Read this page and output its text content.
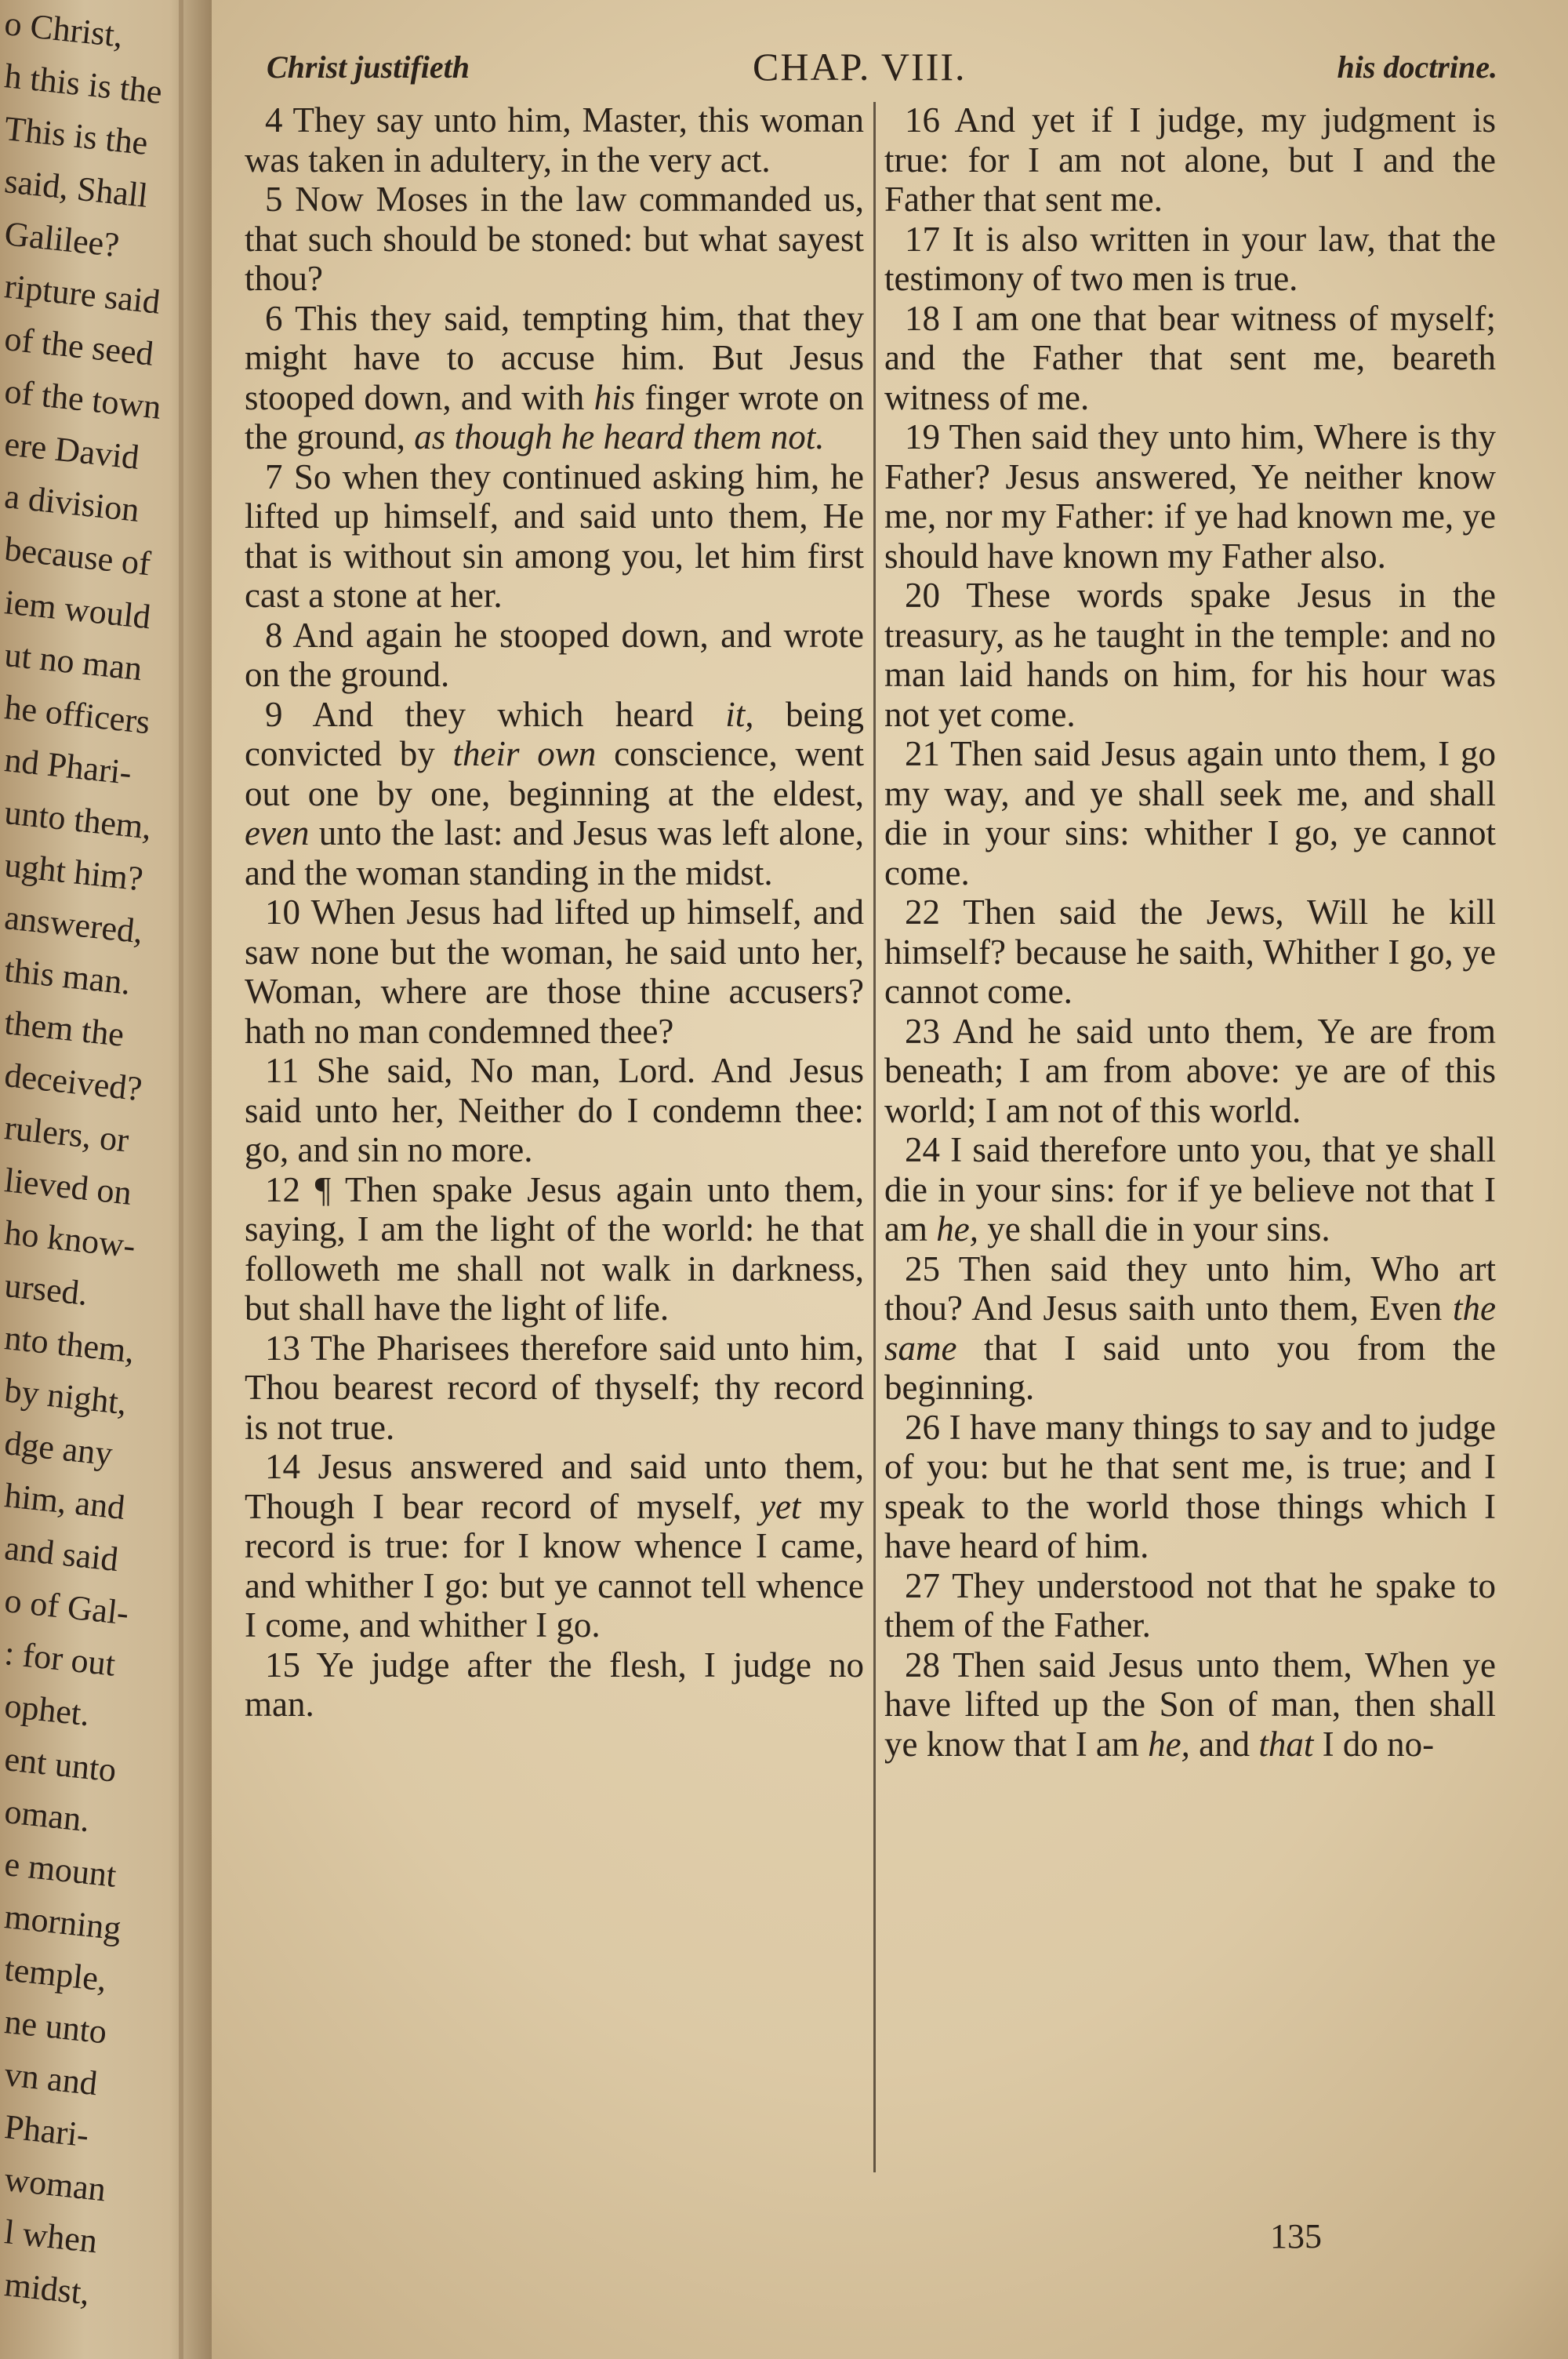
o Christ,
h this is the
This is the
said, Shall
Galilee?
ripture said
of the seed
of the town
ere David
a division
because of
iem would
ut no man
he officers
nd Phari-
unto them,
ught him?
answered,
this man.
them the
deceived?
rulers, or
lieved on
ho know-
ursed.
nto them,
by night,
dge any
him, and
and said
o of Gal-
: for out
ophet.
ent unto
oman.
e mount
morning
temple,
ne unto
vn and
Phari-
woman
l when
midst,
Christ justifieth	CHAP. VIII.	his doctrine.
4 They say unto him, Master, this woman was taken in adultery, in the very act.
5 Now Moses in the law commanded us, that such should be stoned: but what sayest thou?
6 This they said, tempting him, that they might have to accuse him. But Jesus stooped down, and with his finger wrote on the ground, as though he heard them not.
7 So when they continued asking him, he lifted up himself, and said unto them, He that is without sin among you, let him first cast a stone at her.
8 And again he stooped down, and wrote on the ground.
9 And they which heard it, being convicted by their own conscience, went out one by one, beginning at the eldest, even unto the last: and Jesus was left alone, and the woman standing in the midst.
10 When Jesus had lifted up himself, and saw none but the woman, he said unto her, Woman, where are those thine accusers? hath no man condemned thee?
11 She said, No man, Lord. And Jesus said unto her, Neither do I condemn thee: go, and sin no more.
12 ¶ Then spake Jesus again unto them, saying, I am the light of the world: he that followeth me shall not walk in darkness, but shall have the light of life.
13 The Pharisees therefore said unto him, Thou bearest record of thyself; thy record is not true.
14 Jesus answered and said unto them, Though I bear record of myself, yet my record is true: for I know whence I came, and whither I go: but ye cannot tell whence I come, and whither I go.
15 Ye judge after the flesh, I judge no man.
16 And yet if I judge, my judgment is true: for I am not alone, but I and the Father that sent me.
17 It is also written in your law, that the testimony of two men is true.
18 I am one that bear witness of myself; and the Father that sent me, beareth witness of me.
19 Then said they unto him, Where is thy Father? Jesus answered, Ye neither know me, nor my Father: if ye had known me, ye should have known my Father also.
20 These words spake Jesus in the treasury, as he taught in the temple: and no man laid hands on him, for his hour was not yet come.
21 Then said Jesus again unto them, I go my way, and ye shall seek me, and shall die in your sins: whither I go, ye cannot come.
22 Then said the Jews, Will he kill himself? because he saith, Whither I go, ye cannot come.
23 And he said unto them, Ye are from beneath; I am from above: ye are of this world; I am not of this world.
24 I said therefore unto you, that ye shall die in your sins: for if ye believe not that I am he, ye shall die in your sins.
25 Then said they unto him, Who art thou? And Jesus saith unto them, Even the same that I said unto you from the beginning.
26 I have many things to say and to judge of you: but he that sent me, is true; and I speak to the world those things which I have heard of him.
27 They understood not that he spake to them of the Father.
28 Then said Jesus unto them, When ye have lifted up the Son of man, then shall ye know that I am he, and that I do no-
135
